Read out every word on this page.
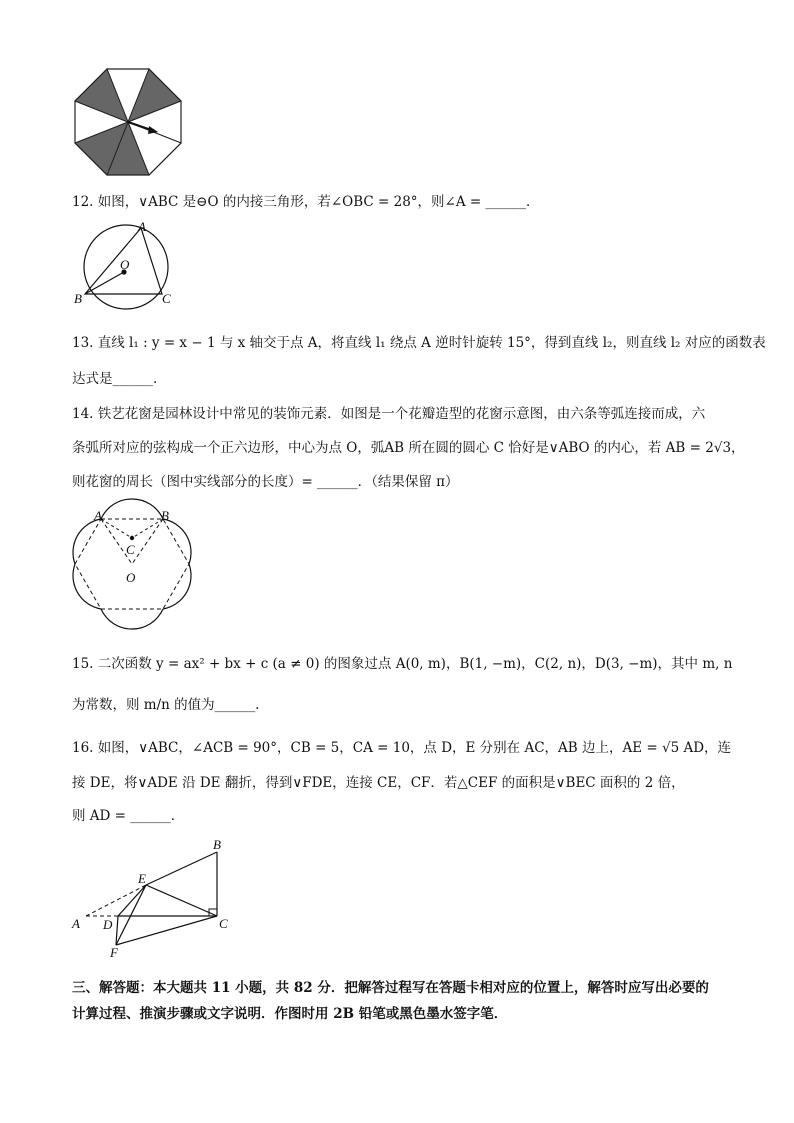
12. 如图，∨ABC 是⊖O 的内接三角形，若∠OBC = 28°，则∠A = ______．
A
O
B	C
13. 直线 l₁ : y = x − 1 与 x 轴交于点 A，将直线 l₁ 绕点 A 逆时针旋转 15°，得到直线 l₂，则直线 l₂ 对应的函数表
达式是______.
14. 铁艺花窗是园林设计中常见的装饰元素．如图是一个花瓣造型的花窗示意图，由六条等弧连接而成，六
条弧所对应的弦构成一个正六边形，中心为点 O，弧AB 所在圆的圆心 C 恰好是∨ABO 的内心，若 AB = 2√3，
则花窗的周长（图中实线部分的长度）= ______．（结果保留 π）
A	B
C
O
15. 二次函数 y = ax² + bx + c (a ≠ 0) 的图象过点 A(0, m)，B(1, −m)，C(2, n)，D(3, −m)，其中 m, n
为常数，则 m/n 的值为______.
16. 如图，∨ABC，∠ACB = 90°，CB = 5，CA = 10，点 D，E 分别在 AC，AB 边上，AE = √5 AD，连
接 DE，将∨ADE 沿 DE 翻折，得到∨FDE，连接 CE，CF．若△CEF 的面积是∨BEC 面积的 2 倍，
则 AD = ______．
B
E
A D	C
F
三、解答题：本大题共 11 小题，共 82 分．把解答过程写在答题卡相对应的位置上，解答时应写出必要的
计算过程、推演步骤或文字说明．作图时用 2B 铅笔或黑色墨水签字笔．
